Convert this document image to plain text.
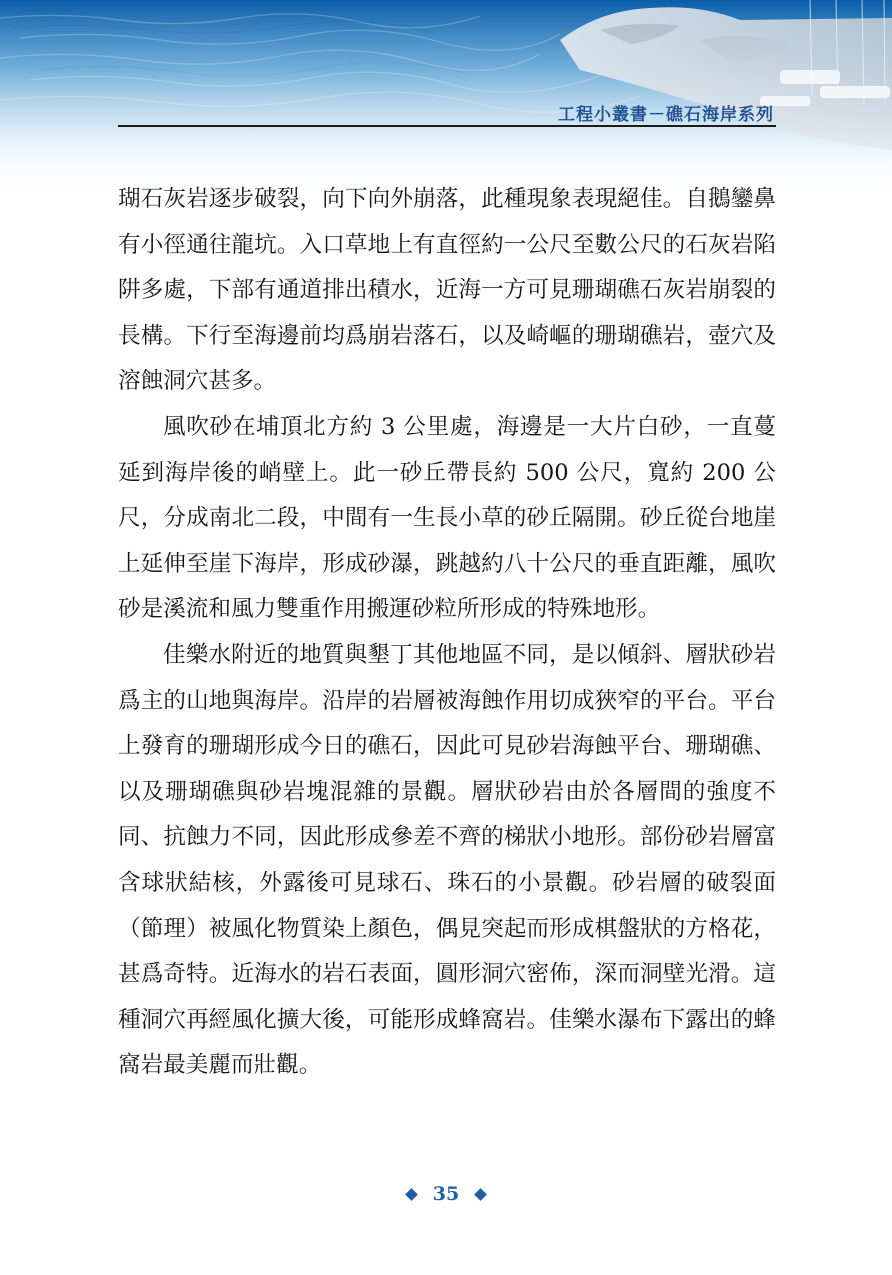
工程小叢書－礁石海岸系列

瑚石灰岩逐步破裂，向下向外崩落，此種現象表現絕佳。自鵝鑾鼻有小徑通往龍坑。入口草地上有直徑約一公尺至數公尺的石灰岩陷阱多處，下部有通道排出積水，近海一方可見珊瑚礁石灰岩崩裂的長構。下行至海邊前均爲崩岩落石，以及崎嶇的珊瑚礁岩，壺穴及溶蝕洞穴甚多。

風吹砂在埔頂北方約 3 公里處，海邊是一大片白砂，一直蔓延到海岸後的峭壁上。此一砂丘帶長約 500 公尺，寬約 200 公尺，分成南北二段，中間有一生長小草的砂丘隔開。砂丘從台地崖上延伸至崖下海岸，形成砂瀑，跳越約八十公尺的垂直距離，風吹砂是溪流和風力雙重作用搬運砂粒所形成的特殊地形。

佳樂水附近的地質與墾丁其他地區不同，是以傾斜、層狀砂岩爲主的山地與海岸。沿岸的岩層被海蝕作用切成狹窄的平台。平台上發育的珊瑚形成今日的礁石，因此可見砂岩海蝕平台、珊瑚礁、以及珊瑚礁與砂岩塊混雜的景觀。層狀砂岩由於各層間的強度不同、抗蝕力不同，因此形成參差不齊的梯狀小地形。部份砂岩層富含球狀結核，外露後可見球石、珠石的小景觀。砂岩層的破裂面（節理）被風化物質染上顏色，偶見突起而形成棋盤狀的方格花，甚爲奇特。近海水的岩石表面，圓形洞穴密佈，深而洞壁光滑。這種洞穴再經風化擴大後，可能形成蜂窩岩。佳樂水瀑布下露出的蜂窩岩最美麗而壯觀。

35
